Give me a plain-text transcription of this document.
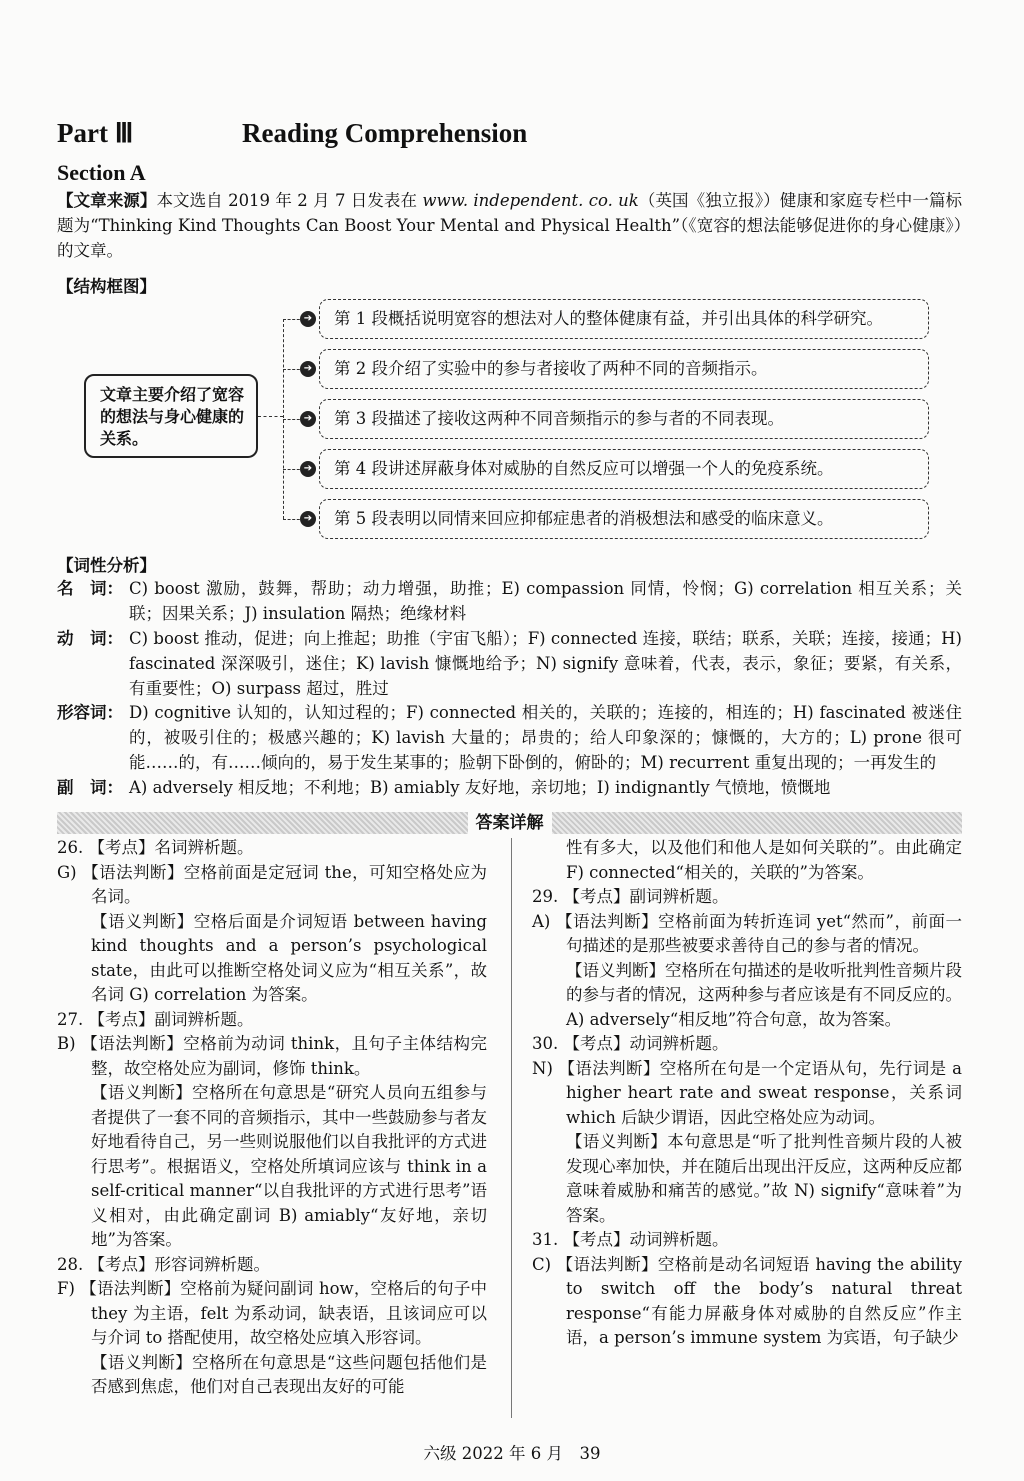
Part Ⅲ	Reading Comprehension
Section A
【文章来源】本文选自 2019 年 2 月 7 日发表在 www. independent. co. uk（英国《独立报》）健康和家庭专栏中一篇标题为“Thinking Kind Thoughts Can Boost Your Mental and Physical Health”（《宽容的想法能够促进你的身心健康》）的文章。
【结构框图】
文章主要介绍了宽容的想法与身心健康的关系。
➔	第 1 段概括说明宽容的想法对人的整体健康有益，并引出具体的科学研究。
➔	第 2 段介绍了实验中的参与者接收了两种不同的音频指示。
➔	第 3 段描述了接收这两种不同音频指示的参与者的不同表现。
➔	第 4 段讲述屏蔽身体对威胁的自然反应可以增强一个人的免疫系统。
➔	第 5 段表明以同情来回应抑郁症患者的消极想法和感受的临床意义。
【词性分析】
名　词： C) boost 激励，鼓舞，帮助；动力增强，助推；E) compassion 同情，怜悯；G) correlation 相互关系；关联；因果关系；J) insulation 隔热；绝缘材料
动　词： C) boost 推动，促进；向上推起；助推（宇宙飞船）；F) connected 连接，联结；联系，关联；连接，接通；H) fascinated 深深吸引，迷住；K) lavish 慷慨地给予；N) signify 意味着，代表，表示，象征；要紧，有关系，有重要性；O) surpass 超过，胜过
形容词： D) cognitive 认知的，认知过程的；F) connected 相关的，关联的；连接的，相连的；H) fascinated 被迷住的，被吸引住的；极感兴趣的；K) lavish 大量的；昂贵的；给人印象深的；慷慨的，大方的；L) prone 很可能……的，有……倾向的，易于发生某事的；脸朝下卧倒的，俯卧的；M) recurrent 重复出现的；一再发生的
副　词： A) adversely 相反地；不利地；B) amiably 友好地，亲切地；I) indignantly 气愤地，愤慨地
答案详解
26. 【考点】名词辨析题。
G) 【语法判断】空格前面是定冠词 the，可知空格处应为名词。
【语义判断】空格后面是介词短语 between having kind thoughts and a person’s psychological state，由此可以推断空格处词义应为“相互关系”，故名词 G) correlation 为答案。
27. 【考点】副词辨析题。
B) 【语法判断】空格前为动词 think，且句子主体结构完整，故空格处应为副词，修饰 think。
【语义判断】空格所在句意思是“研究人员向五组参与者提供了一套不同的音频指示，其中一些鼓励参与者友好地看待自己，另一些则说服他们以自我批评的方式进行思考”。根据语义，空格处所填词应该与 think in a self-critical manner“以自我批评的方式进行思考”语义相对，由此确定副词 B) amiably“友好地，亲切地”为答案。
28. 【考点】形容词辨析题。
F) 【语法判断】空格前为疑问副词 how，空格后的句子中 they 为主语，felt 为系动词，缺表语，且该词应可以与介词 to 搭配使用，故空格处应填入形容词。
【语义判断】空格所在句意思是“这些问题包括他们是否感到焦虑，他们对自己表现出友好的可能
性有多大，以及他们和他人是如何关联的”。由此确定 F) connected“相关的，关联的”为答案。
29. 【考点】副词辨析题。
A) 【语法判断】空格前面为转折连词 yet“然而”，前面一句描述的是那些被要求善待自己的参与者的情况。
【语义判断】空格所在句描述的是收听批判性音频片段的参与者的情况，这两种参与者应该是有不同反应的。A) adversely“相反地”符合句意，故为答案。
30. 【考点】动词辨析题。
N) 【语法判断】空格所在句是一个定语从句，先行词是 a higher heart rate and sweat response，关系词 which 后缺少谓语，因此空格处应为动词。
【语义判断】本句意思是“听了批判性音频片段的人被发现心率加快，并在随后出现出汗反应，这两种反应都意味着威胁和痛苦的感觉。”故 N) signify“意味着”为答案。
31. 【考点】动词辨析题。
C) 【语法判断】空格前是动名词短语 having the ability to switch off the body’s natural threat response“有能力屏蔽身体对威胁的自然反应”作主语，a person’s immune system 为宾语，句子缺少
六级 2022 年 6 月　39
